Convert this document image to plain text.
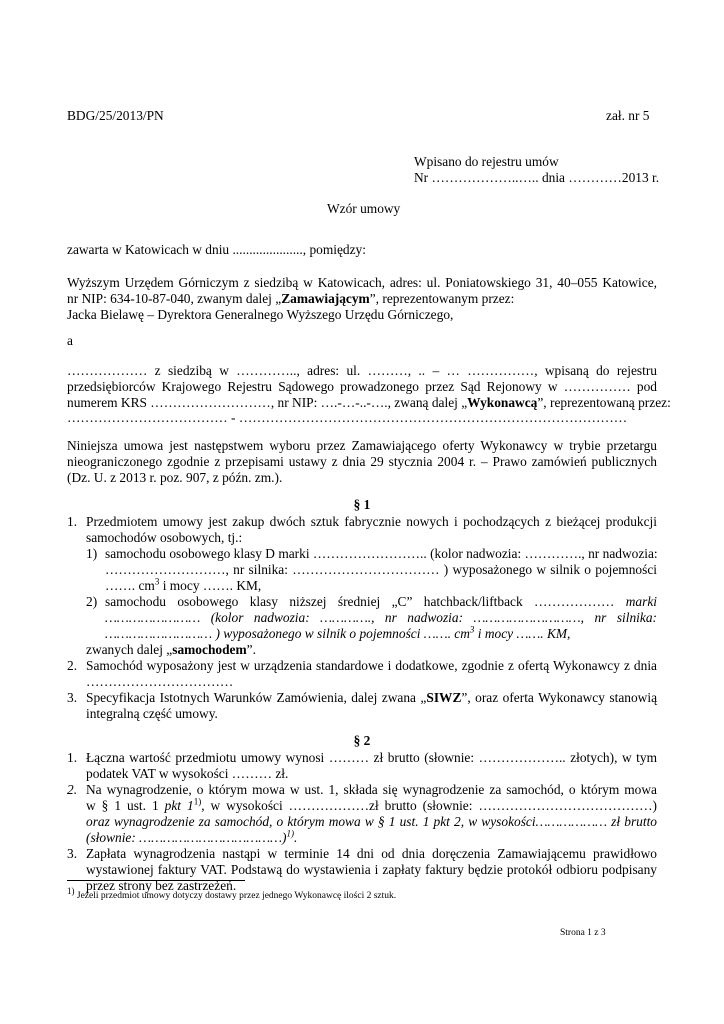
BDG/25/2013/PN	zał. nr 5
Wpisano do rejestru umów
Nr ………………..….. dnia …………2013 r.
Wzór umowy
zawarta w Katowicach w dniu ....................., pomiędzy:
Wyższym Urzędem Górniczym z siedzibą w Katowicach, adres: ul. Poniatowskiego 31, 40–055 Katowice,
nr NIP: 634-10-87-040, zwanym dalej „Zamawiającym”, reprezentowanym przez:
Jacka Bielawę – Dyrektora Generalnego Wyższego Urzędu Górniczego,
a
……………… z siedzibą w ………….., adres: ul. ………, .. – … ……………, wpisaną do rejestru
przedsiębiorców Krajowego Rejestru Sądowego prowadzonego przez Sąd Rejonowy w …………… pod
numerem KRS ………………………, nr NIP: ….-…-..-…., zwaną dalej „Wykonawcą”, reprezentowaną przez:
……………………………… - ……………………………………………………………………………
Niniejsza umowa jest następstwem wyboru przez Zamawiającego oferty Wykonawcy w trybie przetargu
nieograniczonego zgodnie z przepisami ustawy z dnia 29 stycznia 2004 r. – Prawo zamówień publicznych
(Dz. U. z 2013 r. poz. 907, z późn. zm.).
§ 1
1. Przedmiotem umowy jest zakup dwóch sztuk fabrycznie nowych i pochodzących z bieżącej produkcji
samochodów osobowych, tj.:
1) samochodu osobowego klasy D marki …………………….. (kolor nadwozia: …………., nr nadwozia:
………………………, nr silnika: …………………………… ) wyposażonego w silnik o pojemności
……. $cm^3$ i mocy ……. KM,
2) samochodu osobowego klasy niższej średniej „C” hatchback/liftback ……………… marki
…………………… (kolor nadwozia: …………., nr nadwozia: ………………………, nr silnika:
……………………… ) wyposażonego w silnik o pojemności ……. $cm^3$ i mocy ……. KM,
zwanych dalej „samochodem”.
2. Samochód wyposażony jest w urządzenia standardowe i dodatkowe, zgodnie z ofertą Wykonawcy z dnia
……………………………
3. Specyfikacja Istotnych Warunków Zamówienia, dalej zwana „SIWZ”, oraz oferta Wykonawcy stanowią
integralną część umowy.
§ 2
1. Łączna wartość przedmiotu umowy wynosi ……… zł brutto (słownie: ……………….. złotych), w tym
podatek VAT w wysokości ……… zł.
2. Na wynagrodzenie, o którym mowa w ust. 1, składa się wynagrodzenie za samochód, o którym mowa
w § 1 ust. 1 pkt 1$^{1)}$, w wysokości ………………zł brutto (słownie: …………………………………)
oraz wynagrodzenie za samochód, o którym mowa w § 1 ust. 1 pkt 2, w wysokości……………… zł brutto
(słownie: ………………………………)$^{1)}$.
3. Zapłata wynagrodzenia nastąpi w terminie 14 dni od dnia doręczenia Zamawiającemu prawidłowo
wystawionej faktury VAT. Podstawą do wystawienia i zapłaty faktury będzie protokół odbioru podpisany
przez strony bez zastrzeżeń.
$^{1)}$ Jeżeli przedmiot umowy dotyczy dostawy przez jednego Wykonawcę ilości 2 sztuk.
Strona 1 z 3
